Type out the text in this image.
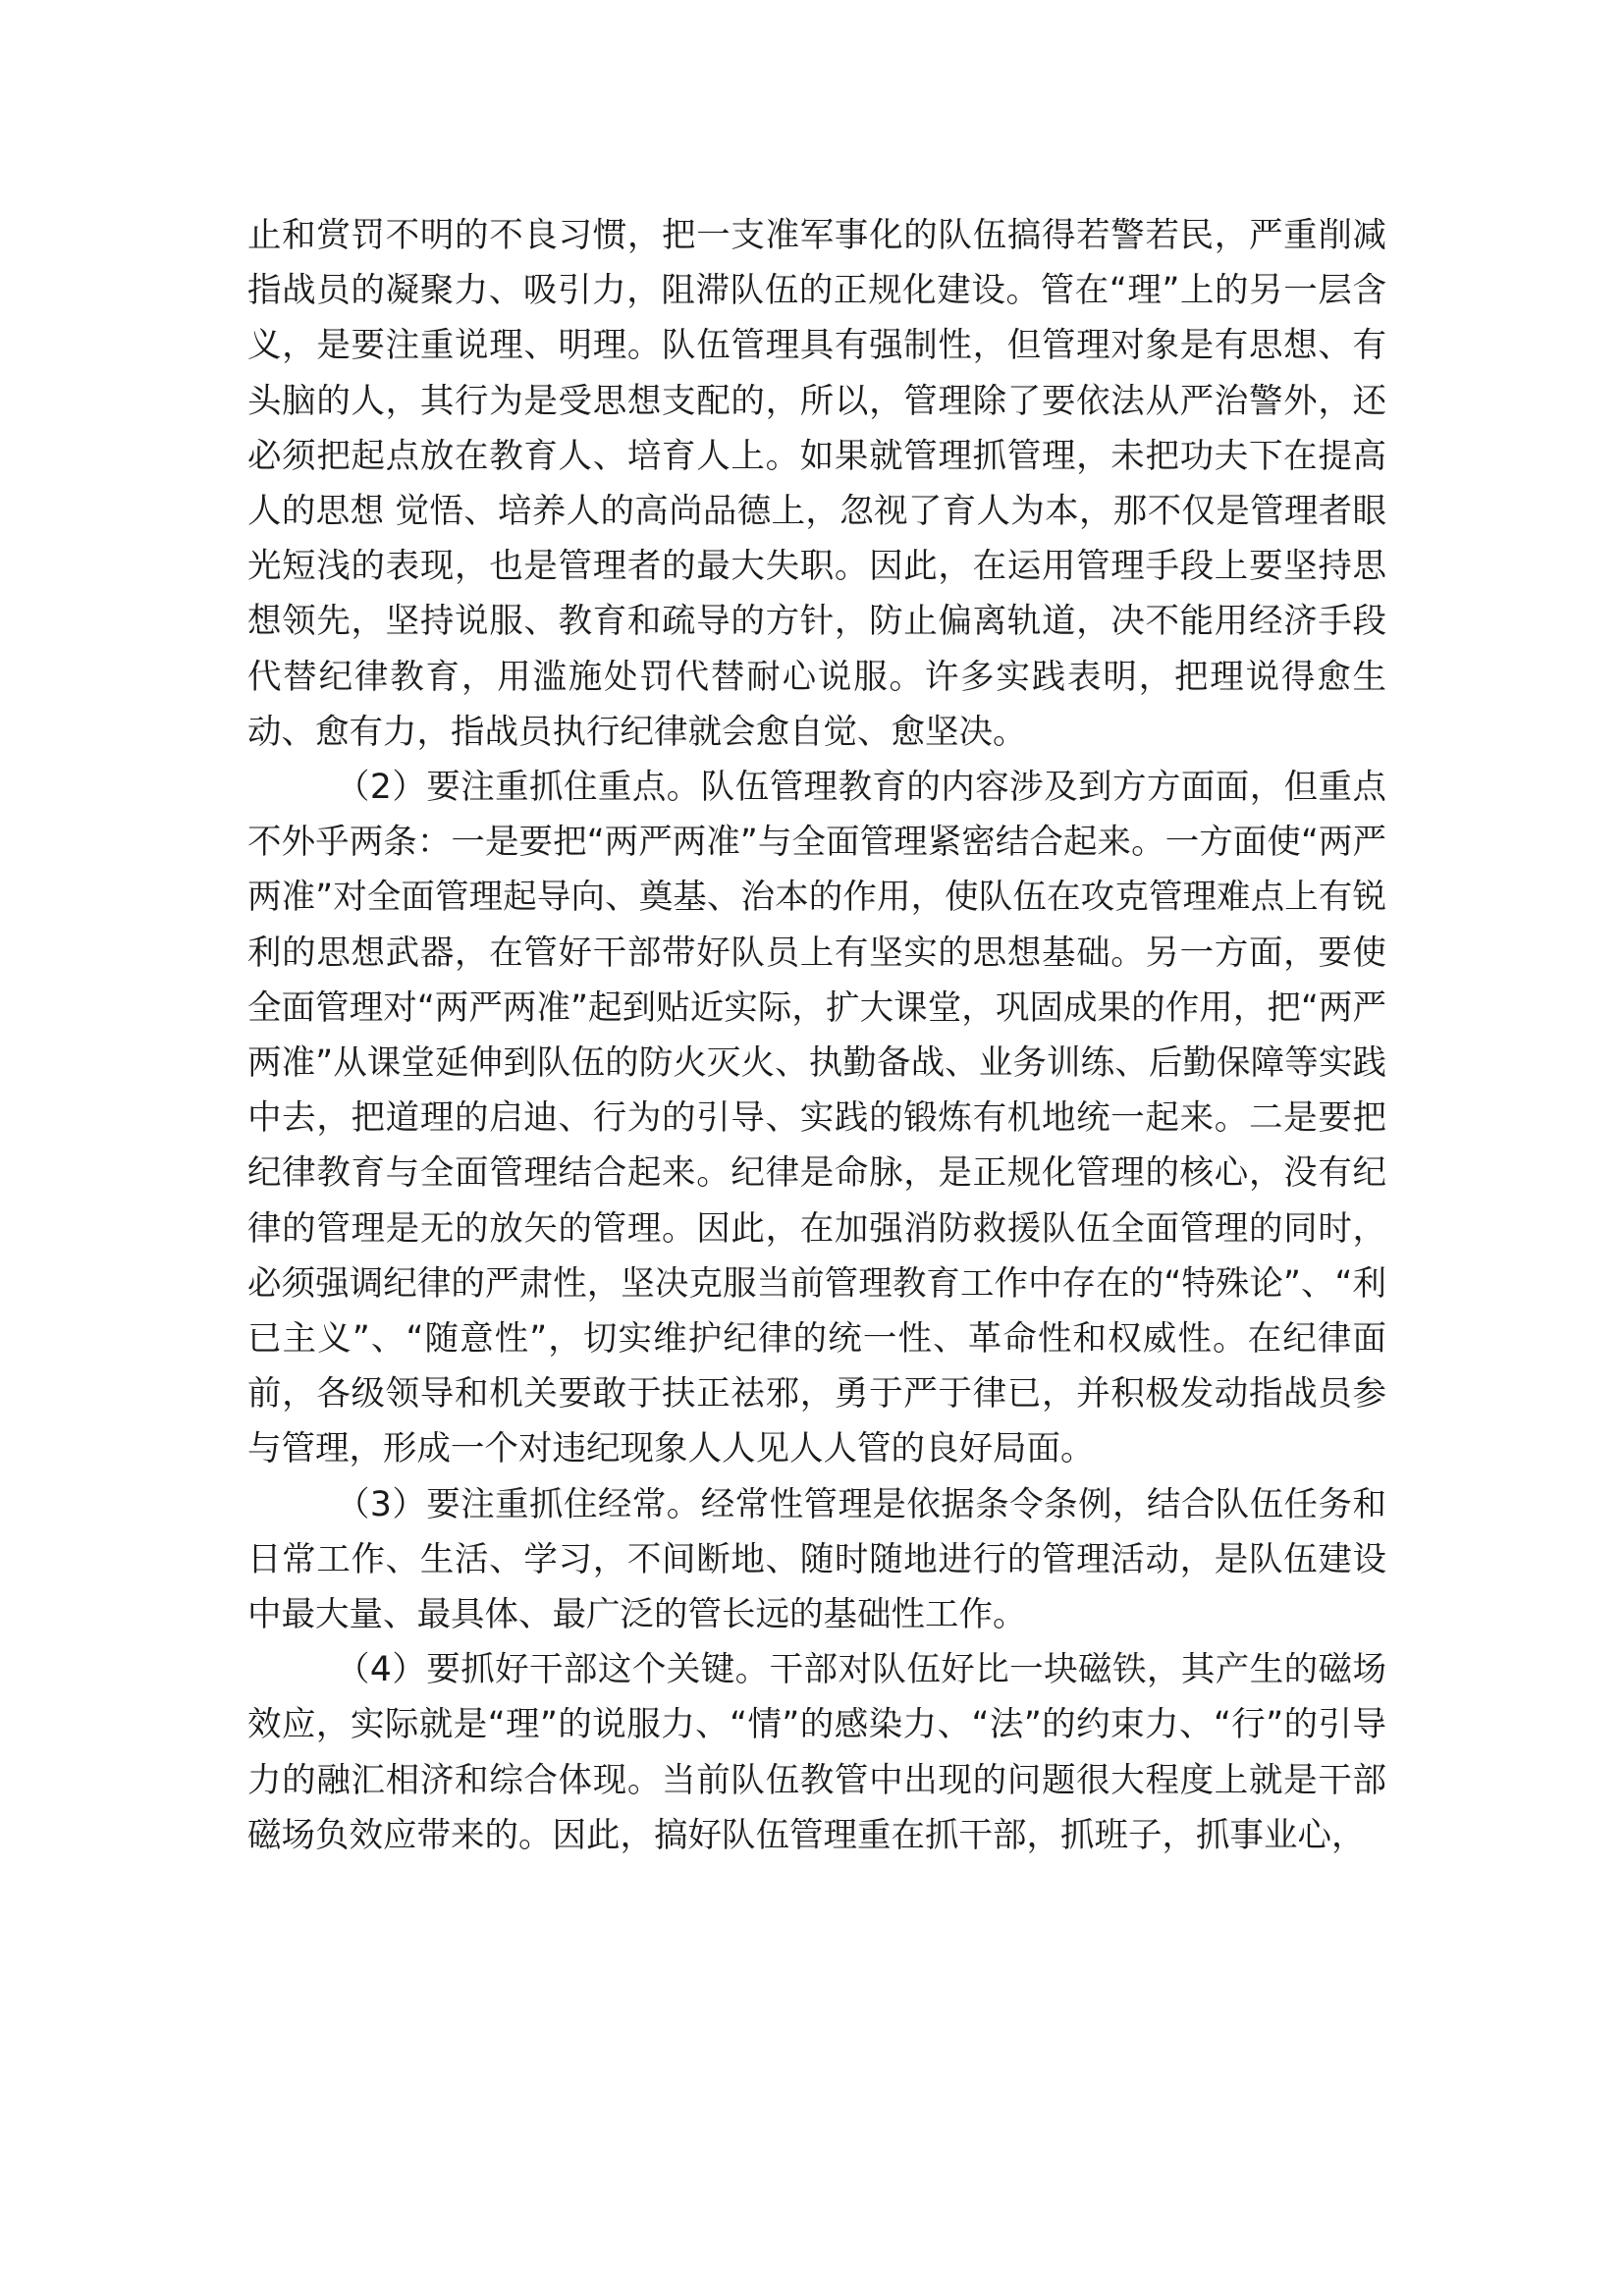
止和赏罚不明的不良习惯，把一支准军事化的队伍搞得若警若民，严重削减指战员的凝聚力、吸引力，阻滞队伍的正规化建设。管在“理”上的另一层含义，是要注重说理、明理。队伍管理具有强制性，但管理对象是有思想、有头脑的人，其行为是受思想支配的，所以，管理除了要依法从严治警外，还必须把起点放在教育人、培育人上。如果就管理抓管理，未把功夫下在提高人的思想 觉悟、培养人的高尚品德上，忽视了育人为本，那不仅是管理者眼光短浅的表现，也是管理者的最大失职。因此，在运用管理手段上要坚持思想领先，坚持说服、教育和疏导的方针，防止偏离轨道，决不能用经济手段代替纪律教育，用滥施处罚代替耐心说服。许多实践表明，把理说得愈生动、愈有力，指战员执行纪律就会愈自觉、愈坚决。

（2）要注重抓住重点。队伍管理教育的内容涉及到方方面面，但重点不外乎两条：一是要把“两严两准”与全面管理紧密结合起来。一方面使“两严两准”对全面管理起导向、奠基、治本的作用，使队伍在攻克管理难点上有锐利的思想武器，在管好干部带好队员上有坚实的思想基础。另一方面，要使全面管理对“两严两准”起到贴近实际，扩大课堂，巩固成果的作用，把“两严两准”从课堂延伸到队伍的防火灭火、执勤备战、业务训练、后勤保障等实践中去，把道理的启迪、行为的引导、实践的锻炼有机地统一起来。二是要把纪律教育与全面管理结合起来。纪律是命脉，是正规化管理的核心，没有纪律的管理是无的放矢的管理。因此，在加强消防救援队伍全面管理的同时，必须强调纪律的严肃性，坚决克服当前管理教育工作中存在的“特殊论”、“利已主义”、“随意性”，切实维护纪律的统一性、革命性和权威性。在纪律面前，各级领导和机关要敢于扶正祛邪，勇于严于律已，并积极发动指战员参与管理，形成一个对违纪现象人人见人人管的良好局面。

（3）要注重抓住经常。经常性管理是依据条令条例，结合队伍任务和日常工作、生活、学习，不间断地、随时随地进行的管理活动，是队伍建设中最大量、最具体、最广泛的管长远的基础性工作。

（4）要抓好干部这个关键。干部对队伍好比一块磁铁，其产生的磁场效应，实际就是“理”的说服力、“情”的感染力、“法”的约束力、“行”的引导力的融汇相济和综合体现。当前队伍教管中出现的问题很大程度上就是干部磁场负效应带来的。因此，搞好队伍管理重在抓干部，抓班子，抓事业心，
